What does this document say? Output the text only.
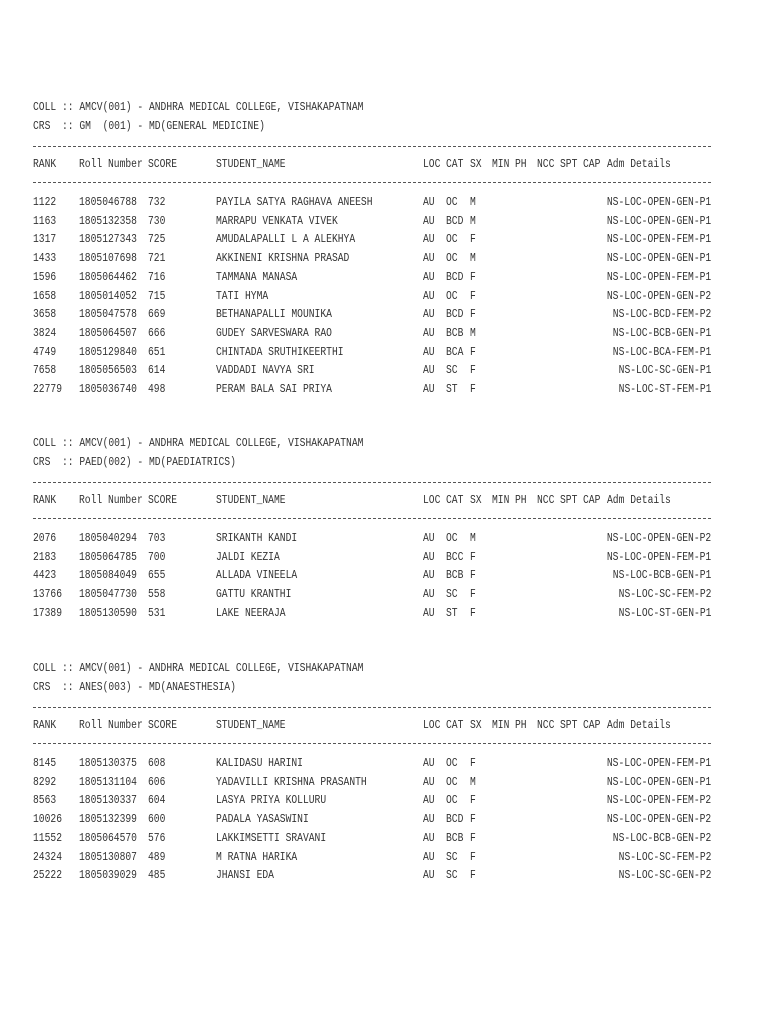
COLL :: AMCV(001) - ANDHRA MEDICAL COLLEGE, VISHAKAPATNAM
CRS  :: GM  (001) - MD(GENERAL MEDICINE)
RANK Roll Number SCORE	STUDENT_NAME	LOC CAT SX MIN PH NCC SPT CAP Adm Details
1122 1805046788 732	PAYILA SATYA RAGHAVA ANEESH	AU OC M	NS-LOC-OPEN-GEN-P1
1163 1805132358 730	MARRAPU VENKATA VIVEK	AU BCD M	NS-LOC-OPEN-GEN-P1
1317 1805127343 725	AMUDALAPALLI L A ALEKHYA	AU OC F	NS-LOC-OPEN-FEM-P1
1433 1805107698 721	AKKINENI KRISHNA PRASAD	AU OC M	NS-LOC-OPEN-GEN-P1
1596 1805064462 716	TAMMANA MANASA	AU BCD F	NS-LOC-OPEN-FEM-P1
1658 1805014052 715	TATI HYMA	AU OC F	NS-LOC-OPEN-GEN-P2
3658 1805047578 669	BETHANAPALLI MOUNIKA	AU BCD F	NS-LOC-BCD-FEM-P2
3824 1805064507 666	GUDEY SARVESWARA RAO	AU BCB M	NS-LOC-BCB-GEN-P1
4749 1805129840 651	CHINTADA SRUTHIKEERTHI	AU BCA F	NS-LOC-BCA-FEM-P1
7658 1805056503 614	VADDADI NAVYA SRI	AU SC F	NS-LOC-SC-GEN-P1
22779 1805036740 498	PERAM BALA SAI PRIYA	AU ST F	NS-LOC-ST-FEM-P1
COLL :: AMCV(001) - ANDHRA MEDICAL COLLEGE, VISHAKAPATNAM
CRS  :: PAED(002) - MD(PAEDIATRICS)
RANK Roll Number SCORE	STUDENT_NAME	LOC CAT SX MIN PH NCC SPT CAP Adm Details
2076 1805040294 703	SRIKANTH KANDI	AU OC M	NS-LOC-OPEN-GEN-P2
2183 1805064785 700	JALDI KEZIA	AU BCC F	NS-LOC-OPEN-FEM-P1
4423 1805084049 655	ALLADA VINEELA	AU BCB F	NS-LOC-BCB-GEN-P1
13766 1805047730 558	GATTU KRANTHI	AU SC F	NS-LOC-SC-FEM-P2
17389 1805130590 531	LAKE NEERAJA	AU ST F	NS-LOC-ST-GEN-P1
COLL :: AMCV(001) - ANDHRA MEDICAL COLLEGE, VISHAKAPATNAM
CRS  :: ANES(003) - MD(ANAESTHESIA)
RANK Roll Number SCORE	STUDENT_NAME	LOC CAT SX MIN PH NCC SPT CAP Adm Details
8145 1805130375 608	KALIDASU HARINI	AU OC F	NS-LOC-OPEN-FEM-P1
8292 1805131104 606	YADAVILLI KRISHNA PRASANTH	AU OC M	NS-LOC-OPEN-GEN-P1
8563 1805130337 604	LASYA PRIYA KOLLURU	AU OC F	NS-LOC-OPEN-FEM-P2
10026 1805132399 600	PADALA YASASWINI	AU BCD F	NS-LOC-OPEN-GEN-P2
11552 1805064570 576	LAKKIMSETTI SRAVANI	AU BCB F	NS-LOC-BCB-GEN-P2
24324 1805130807 489	M RATNA HARIKA	AU SC F	NS-LOC-SC-FEM-P2
25222 1805039029 485	JHANSI EDA	AU SC F	NS-LOC-SC-GEN-P2
